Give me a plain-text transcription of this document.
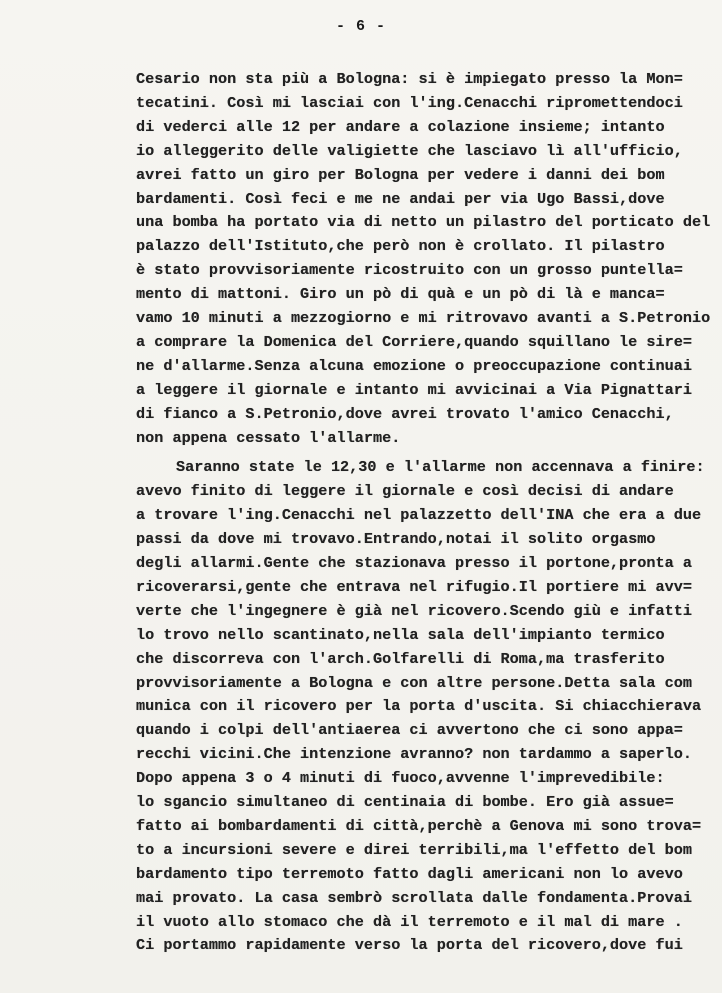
- 6 -
Cesario non sta più a Bologna: si è impiegato presso la Mon=
tecatini. Così mi lasciai con l'ing.Cenacchi ripromettendoci
di vederci alle 12 per andare a colazione insieme; intanto
io alleggerito delle valigiette che lasciavo lì all'ufficio,
avrei fatto un giro per Bologna per vedere i danni dei bom
bardamenti. Così feci e me ne andai per via Ugo Bassi,dove
una bomba ha portato via di netto un pilastro del porticato del
palazzo dell'Istituto,che però non è crollato. Il pilastro
è stato provvisoriamente ricostruito con un grosso puntella=
mento di mattoni. Giro un pò di quà e un pò di là e manca=
vamo 10 minuti a mezzogiorno e mi ritrovavo avanti a S.Petronio
a comprare la Domenica del Corriere,quando squillano le sire=
ne d'allarme.Senza alcuna emozione o preoccupazione continuai
a leggere il giornale e intanto mi avvicinai a Via Pignattari
di fianco a S.Petronio,dove avrei trovato l'amico Cenacchi,
non appena cessato l'allarme.
Saranno state le 12,30 e l'allarme non accennava a finire:
avevo finito di leggere il giornale e così decisi di andare
a trovare l'ing.Cenacchi nel palazzetto dell'INA che era a due
passi da dove mi trovavo.Entrando,notai il solito orgasmo
degli allarmi.Gente che stazionava presso il portone,pronta a
ricoverarsi,gente che entrava nel rifugio.Il portiere mi avv=
verte che l'ingegnere è già nel ricovero.Scendo giù e infatti
lo trovo nello scantinato,nella sala dell'impianto termico
che discorreva con l'arch.Golfarelli di Roma,ma trasferito
provvisoriamente a Bologna e con altre persone.Detta sala com
munica con il ricovero per la porta d'uscita. Si chiacchierava
quando i colpi dell'antiaerea ci avvertono che ci sono appa=
recchi vicini.Che intenzione avranno? non tardammo a saperlo.
Dopo appena 3 o 4 minuti di fuoco,avvenne l'imprevedibile:
lo sgancio simultaneo di centinaia di bombe. Ero già assue=
fatto ai bombardamenti di città,perchè a Genova mi sono trova=
to a incursioni severe e direi terribili,ma l'effetto del bom
bardamento tipo terremoto fatto dagli americani non lo avevo
mai provato. La casa sembrò scrollata dalle fondamenta.Provai
il vuoto allo stomaco che dà il terremoto e il mal di mare .
Ci portammo rapidamente verso la porta del ricovero,dove fui
